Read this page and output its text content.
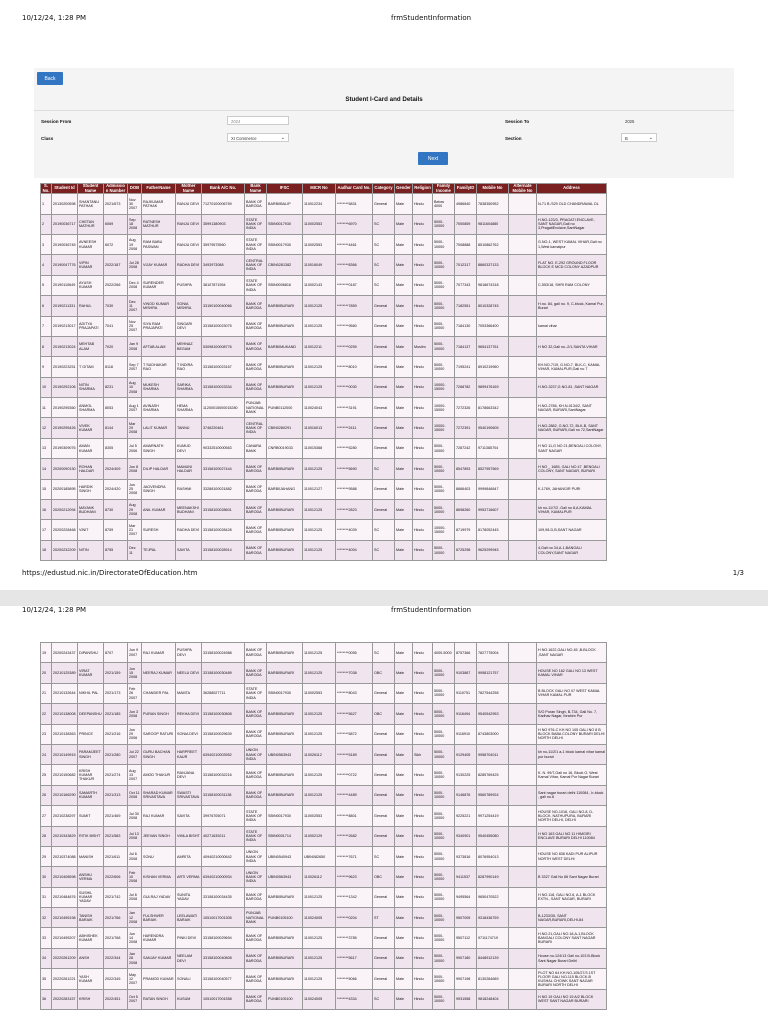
10/12/24, 1:28 PM	frmStudentInformation
Back
Student I-Card and Details
Session From	2024	Session To	2025
Class	XI Commerce	⌄	Section	B	⌄
Next
S. No.	Student Id	Student Name	Admission Number	DOB	FatherName	Mother Name	Bank A/C No.	Bank Name	IFSC	MICR No	Aadhar Card No.	Category	Gender	Religion	Family Income	FamilyID	Mobile No	Alternate Mobile No	Address
1	20130200598	SHANTANU PATHAK	2021/673	Nov 30 2007	RAJKUMAR PATHAK	RANJU DEVI	71270100006759	BANK OF BARODA	BARB0BALIP	110012234	********5831	General	Male	Hindu	Below 4000	4986840	7838350952		N-71 B /329 OLD CHANDRAWAL DL
2	20190036717	CHETAN MATHUR	6069	Sep 18 2008	RATNESH MATHUR	RANJU DEVI	35991380903	STATE BANK OF INDIA	SBIN0017930	110002553	********6970	SC	Male	Hindu	5000-10000	7000859	9811604880		H.NO-123/3, PRAGATI ENCLAVE, SANT NAGAR,Gali no 3,PragatiEnclave,SantNagar
3	20190036745	AVNEESH KUMAR	6072	Aug 19 2008	RAM BABU PASWAN	RANJU DEVI	35979575560	STATE BANK OF INDIA	SBIN0017930	110002553	********4461	SC	Male	Hindu	5000-10000	7008888	8510862762		G.NO-1, WEST KAMAL VIHAR,Gali no 1,West kamalpur
4	20190047776	VIPIN KUMAR	2022/187	Jul 28 2008	VIJAY KUMAR	RADHA DEVI	3493973088	CENTRAL BANK OF INDIA	CBIN0281382	110016049	********8366	SC	Male	Hindu	5000-10000	7012317	8860337133		FLAT NO. E-292 GROUND FLOOR BLOCK E MCD COLONY AZADPUR
5	20190110649	AYUSH KUMAR	2022/266	Dec 4 2008	SURENDER KUMAR	PUSHPA	38107871954	STATE BANK OF INDIA	SBIN0006816	110002143	********0187	SC	Male	Hindu	5000-10000	7077343	9818674318		C-553/18, SHRI RAM COLONY
6	20190211331	RAHUL	7030	Dec 11 2007	VINOD KUMAR MISHRA	SONIA MISHRA	33150100040066	BANK OF BARODA	BARB0BURARI	110012125	********7859	General	Male	Hindu	5000-10000	7182551	8010328745		H.no. 84, gali no. 9, C-block, Kamal Pur, Burari
7	20190213017	ADITYA PRAJAPATI	7041	Nov 25 2007	SIYA RAM PRAJAPATI	SINGARI DEVI	33158100023075	BANK OF BARODA	BARB0BURARI	110012125	********9560	General	Male	Hindu	5000-10000	7184130	7053366400		kamal vihar
8	20190213024	MEHTAB ALAM	7020	Jan 9 2008	AFTAB ALAM	MEHNAZ BEGAM	53098100008776	BANK OF BARODA	BARB0MUKAND	110012211	********0259	General	Male	Muslim	5000-10000	7184137	9654137761		H NO 32,Gali no.-2/1,SANTA VIHAR
9	20190223251	T GITAM	8118	Sep 7 2007	T SUDHAKAR RAO	T INDIRA RAO	33158100023167	BANK OF BARODA	BARB0BURARI	110012125	********8010	General	Male	Hindu	5000-10000	7195241	8910219960		KH.NO-7/19, G.NO-7, BLK-C, KAMAL VIHAR, KAMALPUR,Gali no 7
10	20190292106	NITIN SHARMA	8231	Aug 10 2008	MUKESH SHARMA	SARIKA SHARMA	33158100023334	BANK OF BARODA	BARB0BURARI	110012125	********0030	General	Male	Hindu	10000-15000	7268782	9899476169		H.NO-3237,G.NO-81 ,SANT NAGAR
11	20190295360	ANMOL SHARMA	8053	Aug 1 2007	AVINASH SHARMA	HEMA SHARMA	11200015000015280	PUNJAB NATIONAL BANK	PUNB0112000	110024043	********3191	General	Male	Hindu	10000-15000	7272326	8178663342		H.NO-2786, KH.N-0134/2, SANT NAGAR, BURARI,SantNagar
12	20190295426	VIVEK KUMAR	8144	Mar 29 2008	LALIT KUMAR	TANNU	3746220461	CENTRAL BANK OF INDIA	CBIN0280291	110016013	********2411	General	Male	Hindu	10000-15000	7272391	9540190605		H.NO-2882, G.NO-72, BLK-B, SANT NAGAR, BURARI,Gali no 72,SantNagar
13	20190309076	AMAN KUMAR	8305	Jul 5 2006	AMARNATH SINGH	KUMUD DEVI	90332510000563	CANARA BANK	CNRB0019033	110015368	********5280	General	Male	Hindu	5000-10000	7287242	9711385704		H NO 11,G NO 21,BENGALI COLONY, SANT NAGAR
14	20200090130	ROHAN HALDAR	2024/409	Jun 8 2008	DILIP HALDAR	MAMUNI HALDAR	33158100027444	BANK OF BARODA	BARB0BURARI	110012125	********5690	SC	Male	Hindu	5000-10000	8547893	8527957569		H NO _ 1685, GALI NO 47 ,BENGALI COLONY, SANT NAGAR, BURARI
15	20200185895	HARDIK SINGH	2024/420	Jun 25 2008	JAGVENDRA SINGH	RASHMI	33288100021882	BANK OF BARODA	BARB0JAHANG	110012127	********9588	General	Male	Hindu	5000-10000	8666403	9999846847		K-1769, JAHANGIR PURI
16	20200212094	MAYANK BUDHANI	8730	Aug 29 2008	ANIL KUMAR	MEENAKSHI BUDHANI	33158100028601	BANK OF BARODA	BARB0BURARI	110012125	********2823	General	Male	Hindu	5000-10000	8698260	9953716607		kh no-11/7/2 ,Gali no 8,A,KAMAL VIHAR, KAMALPUR
17	20200228468	VINIT	8759	Mar 21 2007	SURESH	RADHA DEVI	33158100028428	BANK OF BARODA	BARB0BURARI	110012125	********4039	SC	Male	Hindu	10000-15000	8719979	8178052445		109,98-D,B,SANT NAGAR
18	20200232209	NITIN	8755	Dec 11	TEJPAL	SAVITA	33158100028914	BANK OF BARODA	BARB0BURARI	110012125	********4004	SC	Male	Hindu	5000-10000	8725298	9625299945		4,Gali no 34,A-1,BANGALI COLONY,SANT NAGAR
https://edustud.nic.in/DirectorateOfEducation.htm	1/3
10/12/24, 1:28 PM	frmStudentInformation
19	20200243437	DIPANSHU	8707	Jun 9 2007	RAJ KUMAR	PUSHPA DEVI	33158100024988	BANK OF BARODA	BARB0BURARI	110012125	********0055	SC	Male	Hindu	4000-5000	8757366	7827775004		H NO.1622,GALI NO.45 ,B-BLOCK ,SANT NAGAR
20	20210125389	VIRAT KUMAR	2021/159	Jun 15 2008	NEERAJ KUMAR	NEELU DEVI	33158100030489	BANK OF BARODA	BARB0BURARI	110012125	********7038	OBC	Male	Hindu	5000-10000	9103867	9958121757		HOUSE NO 162 GALI NO 13 WEST KAMAL VIHAR
21	20210132644	NIKHIL PAL	2021/173	Feb 26 2007	CHANDER PAL	MAMTA	36288027711	STATE BANK OF INDIA	SBIN0017930	110002553	********8043	General	Male	Hindu	5000-10000	9110751	7827544258		B BLOCK GALI NO 07 WEST KAMAL VIHAR KAMAL PUR
22	20210138008	DEEPANSHU	2021/185	Jun 3 2008	PURAN SINGH	REKHA DEVI	33158100030808	BANK OF BARODA	BARB0BURARI	110012125	********5627	OBC	Male	Hindu	5000-10000	9116494	9540542953		S/O Puran Singh, B-734, Gali No. 7, Kadhav Nagar, Ibrahim Pur
23	20210138363	PRINCE	2021/216	Jun 29 2006	SAROOP RATURI	SONIA DEVI	33158100029639	BANK OF BARODA	BARB0BURARI	110012125	********5872	General	Male	Hindu	5000-10000	9116910	8743803000		H NO 976-C KH NO 105 GALI NO 8 B BLOCK BABA COLONY BURARI DELHI NORTH DELHI
24	20210149915	PARAMJEET SINGH	2021/280	Jul 22 2007	GURU BACHAN SINGH	HARPREET KAUR	63940210003952	UNION BANK OF INDIA	UBIN0563943	110026112	********5189	General	Male	Sikh	5000-10000	9129405	9958704011		kh no-11/2/1 a-1 block kamal vihar kamal pur burari
25	20210150682	KRISH KUMAR THAKUR	2021/274	Aug 13 2007	AMOD THAKUR	RANJANA DEVI	33158100032216	BANK OF BARODA	BARB0BURARI	110012125	********0722	General	Male	Hindu	5000-10000	9130225	8285769425		K. N. 99/7,Gali no 16, Block O, West Kamal Vihar, Kamal Pur Nagar Burari
26	20210166290	SAMARTH KUMAR	2021/313	Oct 11 2008	SHARAD KUMAR SRIVASTAVA	SWASTI SRIVASTAVA	33158100031138	BANK OF BARODA	BARB0BURARI	110012125	********4489	General	Male	Hindu	5000-10000	9146876	9560789924		Sant nagar burari delhi 110084 , b-block , gali no.8
27	20210238297	SUMIT	2021/469	Jul 30 2008	RAJ KUMAR	SAVITA	39976705071	STATE BANK OF INDIA	SBIN0017930	110002553	********8801	General	Male	Hindu	5000-10000	9225221	9971254419		HOUSE NO-1018, GALI NO-8, D-BLOCK, NATHUPURA, BURARI NORTH DELHI, DELHI
28	20210343829	RITIK BISHT	2021/583	Jul 13 2008	JEEVAN SINGH	VIMLA BISHT	40271639211	STATE BANK OF INDIA	SBIN0001714	110002129	********2682	General	Male	Hindu	5000-10000	9340901	9540455080		H NO 163 GALI NO 11 HIMGIRI ENCLAVE BURARI DELHI 110084
29	20210374088	MANISH	2021/611	Jul 6 2008	SONU	AMRITA	40940210000642	UNION BANK OF INDIA	UBIN0540943	UBIN082650	********7671	SC	Male	Hindu	5000-10000	9373816	8076954013		HOUSE NO 838 KADI PUR ALIPUR NORTH WEST DELHI
30	20210408598	ANSHU VERMA	2022/606	Feb 10 2008	KISHAN VERMA	ARTI VERMA	63940210000934	UNION BANK OF INDIA	UBIN0563943	110026112	********9623	OBC	Male	Hindu	5000-10000	9411537	8287990149		B 3327 Gali No 86 Sant Nagar Burari
31	20210484876	SUSHIL KUMAR YADAV	2021/742	Jul 6 2008	GULRAJ YADAV	SUNITA YADAV	33158100034435	BANK OF BARODA	BARB0BURARI	110012125	********1342	General	Male	Hindu	5000-10000	9495564	9650470522		H NO.118, GALI NO.6, A-1 BLOCK EXTN., SANT NAGAR, BURARI
32	20210495198	TANISH BARAIK	2021/766	Jan 12 2008	FULSHWER BARAIK	LEELAWATI BARAIK	10510017001305	PUNJAB NATIONAL BANK	PUNB0105100	110024005	********0204	ST	Male	Hindu	5000-10000	9507005	9318436759		B-1233/35, SANT NAGAR,BURARI,DELHI-84
33	20210495207	ABHISHEK KUMAR	2021/768	Jun 14 2008	HARENDRA KUMAR	PINKI DEVI	33158100029694	BANK OF BARODA	BARB0BURARI	110012125	********3785	General	Male	Hindu	5000-10000	9507112	9711174719		H.NO.21,GALI NO.18,A-1,BLOCK BANGALI COLONY SANT NAGAR BURARI
34	20220261209	ANSH	2022/344	Jan 28 2008	SANJAY KUMAR	NEELAM DEVI	33158100040808	BANK OF BARODA	BARB0BURARI	110012125	********5617	General	Male	Hindu	5000-10000	9907180	8448912139		House no-124/13 Gali no-103 B-Block Sant Nagar Burari Delhi
35	20220261221	YASH KUMAR	2022/345	May 12 2007	PRAMOD KUMAR	SONALI	33158100040577	BANK OF BARODA	BARB0BURARI	110012125	********5066	General	Male	Hindu	5000-10000	9907198	8130284689		PLOT NO 64 KH NO-105/27/3 1ST FLOOR GALI NO-115 BLOCK-B KUSHAL CHOWK SANT NAGAR BURARI NORTH DELHI
36	20220283157	KRISH	2022/451	Oct 5 2007	RATAN SINGH	KUSUM	10510017001558	BANK OF BARODA	PUNB0105100	110024005	********4334	SC	Male	Hindu	5000-10000	9931558	9818248404		H NO 19 GALI NO 19 A/2 BLOCK WEST SANT NAGAR BURARI
